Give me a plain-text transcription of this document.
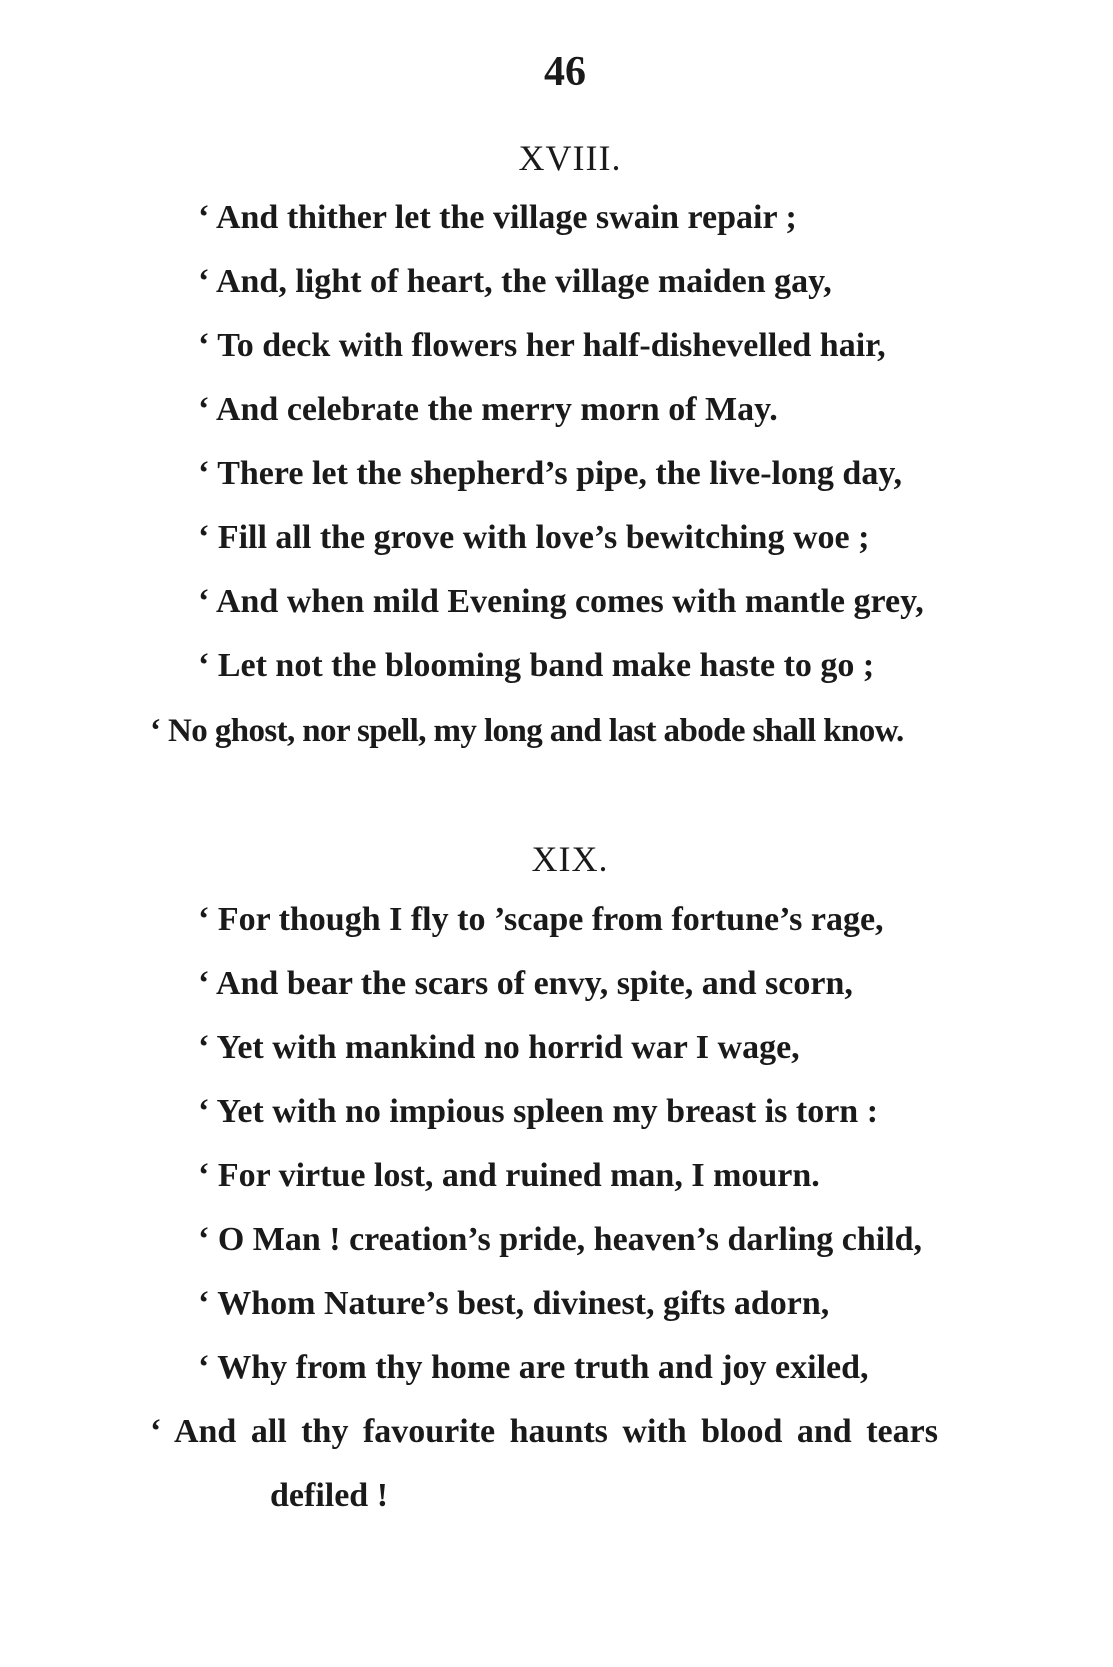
46
XVIII.
‘ And thither let the village swain repair ;
‘ And, light of heart, the village maiden gay,
‘ To deck with flowers her half-dishevelled hair,
‘ And celebrate the merry morn of May.
‘ There let the shepherd’s pipe, the live-long day,
‘ Fill all the grove with love’s bewitching woe ;
‘ And when mild Evening comes with mantle grey,
‘ Let not the blooming band make haste to go ;
‘ No ghost, nor spell, my long and last abode shall know.
XIX.
‘ For though I fly to ’scape from fortune’s rage,
‘ And bear the scars of envy, spite, and scorn,
‘ Yet with mankind no horrid war I wage,
‘ Yet with no impious spleen my breast is torn :
‘ For virtue lost, and ruined man, I mourn.
‘ O Man ! creation’s pride, heaven’s darling child,
‘ Whom Nature’s best, divinest, gifts adorn,
‘ Why from thy home are truth and joy exiled,
‘ And all thy favourite haunts with blood and tears
defiled !
